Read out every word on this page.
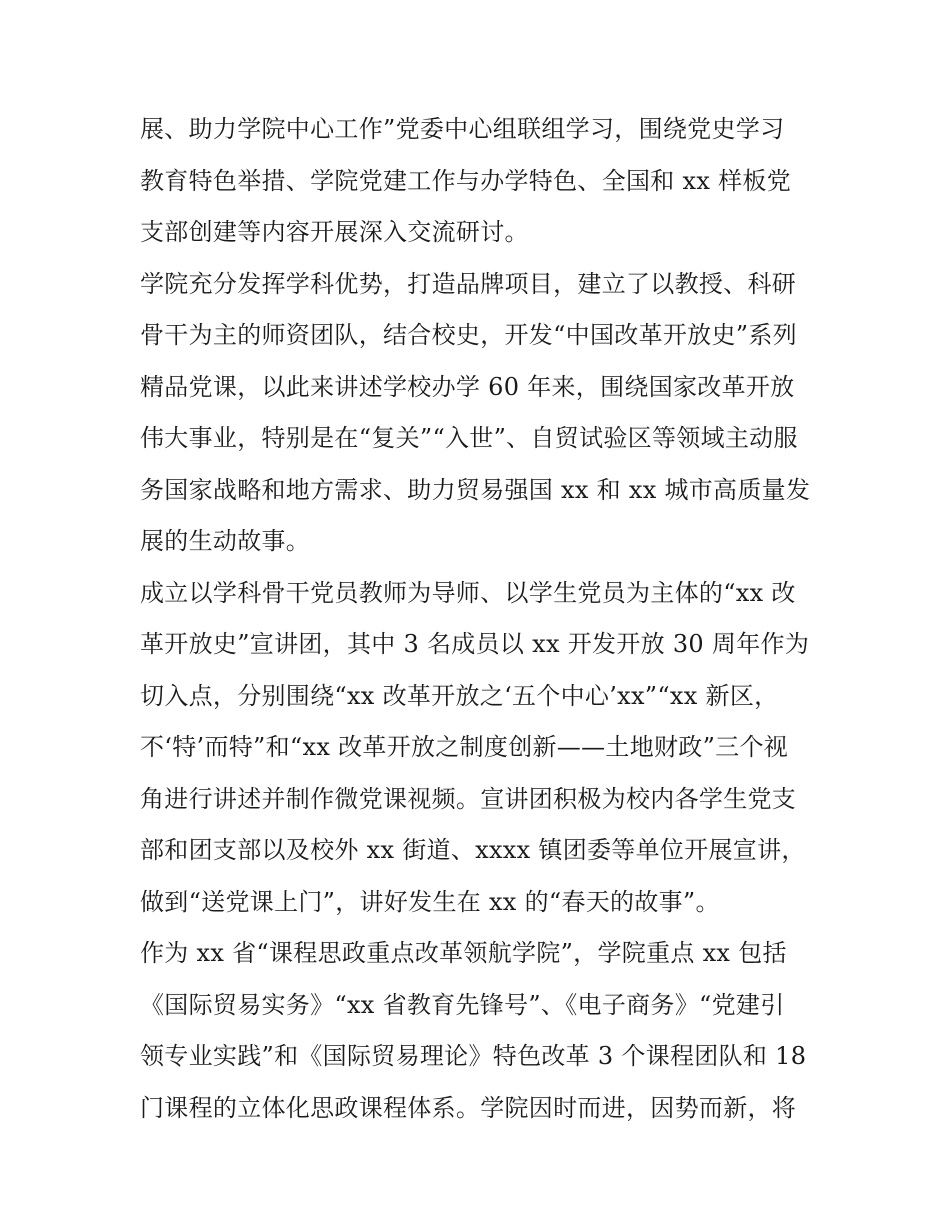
展、助力学院中心工作”党委中心组联组学习，围绕党史学习
教育特色举措、学院党建工作与办学特色、全国和 xx 样板党
支部创建等内容开展深入交流研讨。
学院充分发挥学科优势，打造品牌项目，建立了以教授、科研
骨干为主的师资团队，结合校史，开发“中国改革开放史”系列
精品党课，以此来讲述学校办学 60 年来，围绕国家改革开放
伟大事业，特别是在“复关”“入世”、自贸试验区等领域主动服
务国家战略和地方需求、助力贸易强国 xx 和 xx 城市高质量发
展的生动故事。
成立以学科骨干党员教师为导师、以学生党员为主体的“xx 改
革开放史”宣讲团，其中 3 名成员以 xx 开发开放 30 周年作为
切入点，分别围绕“xx 改革开放之‘五个中心’xx”“xx 新区，
不‘特’而特”和“xx 改革开放之制度创新——土地财政”三个视
角进行讲述并制作微党课视频。宣讲团积极为校内各学生党支
部和团支部以及校外 xx 街道、xxxx 镇团委等单位开展宣讲，
做到“送党课上门”，讲好发生在 xx 的“春天的故事”。
作为 xx 省“课程思政重点改革领航学院”，学院重点 xx 包括
《国际贸易实务》“xx 省教育先锋号”、《电子商务》“党建引
领专业实践”和《国际贸易理论》特色改革 3 个课程团队和 18
门课程的立体化思政课程体系。学院因时而进，因势而新，将
